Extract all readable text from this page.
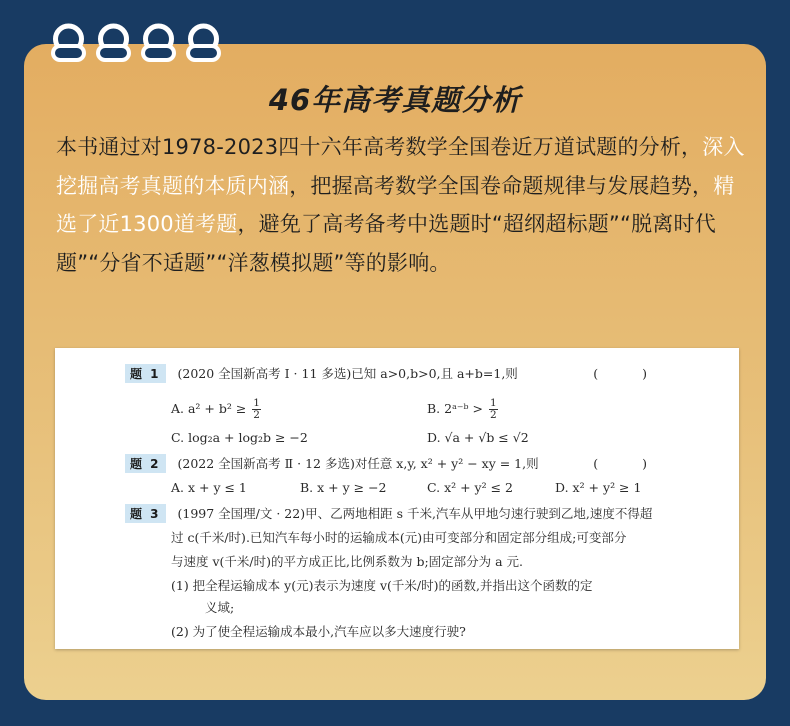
46年高考真题分析
本书通过对1978-2023四十六年高考数学全国卷近万道试题的分析，深入挖掘高考真题的本质内涵，把握高考数学全国卷命题规律与发展趋势，精选了近1300道考题，避免了高考备考中选题时“超纲超标题”“脱离时代题”“分省不适题”“洋葱模拟题”等的影响。
题 1 (2020 全国新高考 Ⅰ · 11 多选)已知 a>0,b>0,且 a+b=1,则	( )
A. $a^2 + b^2 \ge \frac{1}{2}$	B. 2ᵃ⁻ᵇ > $\frac{1}{2}$
C. log₂a + log₂b ≥ −2	D. √a + √b ≤ √2
题 2 (2022 全国新高考 Ⅱ · 12 多选)对任意 x,y, x² + y² − xy = 1,则	( )
A. x + y ≤ 1	B. x + y ≥ −2	C. x² + y² ≤ 2	D. x² + y² ≥ 1
题 3 (1997 全国理/文 · 22)甲、乙两地相距 s 千米,汽车从甲地匀速行驶到乙地,速度不得超
过 c(千米/时).已知汽车每小时的运输成本(元)由可变部分和固定部分组成;可变部分
与速度 v(千米/时)的平方成正比,比例系数为 b;固定部分为 a 元.
(1) 把全程运输成本 y(元)表示为速度 v(千米/时)的函数,并指出这个函数的定
义域;
(2) 为了使全程运输成本最小,汽车应以多大速度行驶?
